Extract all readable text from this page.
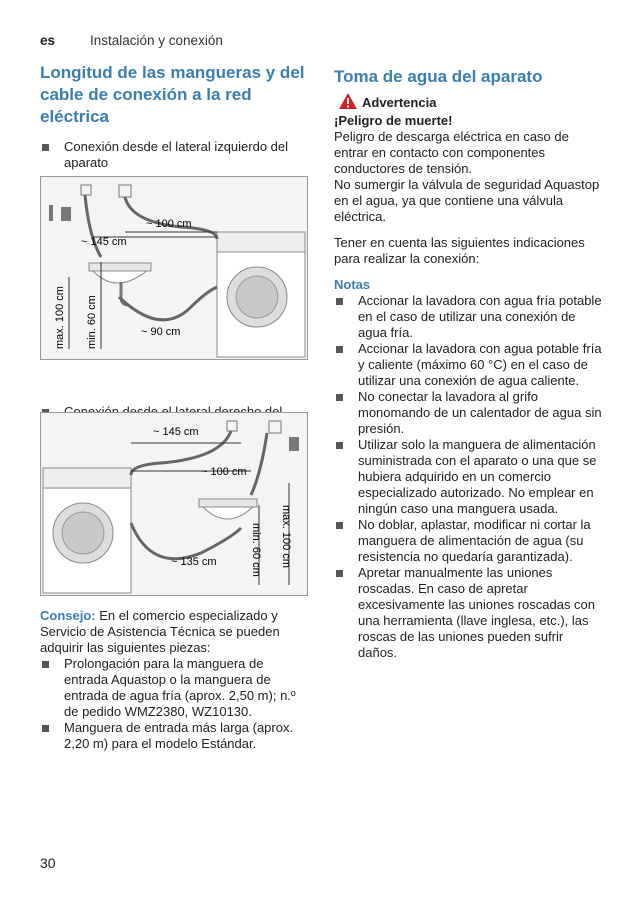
es	Instalación y conexión
Longitud de las mangueras y del cable de conexión a la red eléctrica
Conexión desde el lateral izquierdo del aparato
~ 100 cm
~ 145 cm
~ 90 cm
max. 100 cm min. 60 cm
~ 145 cm
~ 100 cm
~ 135 cm	max. 100 cm
min. 60 cm
Consejo: En el comercio especializado y Servicio de Asistencia Técnica se pueden adquirir las siguientes piezas:
Prolongación para la manguera de entrada Aquastop o la manguera de entrada de agua fría (aprox. 2,50 m); n.º de pedido WMZ2380, WZ10130.
Manguera de entrada más larga (aprox. 2,20 m) para el modelo Estándar.
Toma de agua del aparato
Advertencia
¡Peligro de muerte!
Peligro de descarga eléctrica en caso de entrar en contacto con componentes conductores de tensión.
No sumergir la válvula de seguridad Aquastop en el agua, ya que contiene una válvula eléctrica.
Tener en cuenta las siguientes indicaciones para realizar la conexión:
Notas
Accionar la lavadora con agua fría potable en el caso de utilizar una conexión de agua fría.
Accionar la lavadora con agua potable fría y caliente (máximo 60 °C) en el caso de utilizar una conexión de agua caliente.
No conectar la lavadora al grifo monomando de un calentador de agua sin presión.
Utilizar solo la manguera de alimentación suministrada con el aparato o una que se hubiera adquirido en un comercio especializado autorizado. No emplear en ningún caso una manguera usada.
No doblar, aplastar, modificar ni cortar la manguera de alimentación de agua (su resistencia no quedaría garantizada).
Apretar manualmente las uniones roscadas. En caso de apretar excesivamente las uniones roscadas con una herramienta (llave inglesa, etc.), las roscas de las uniones pueden sufrir daños.
30
